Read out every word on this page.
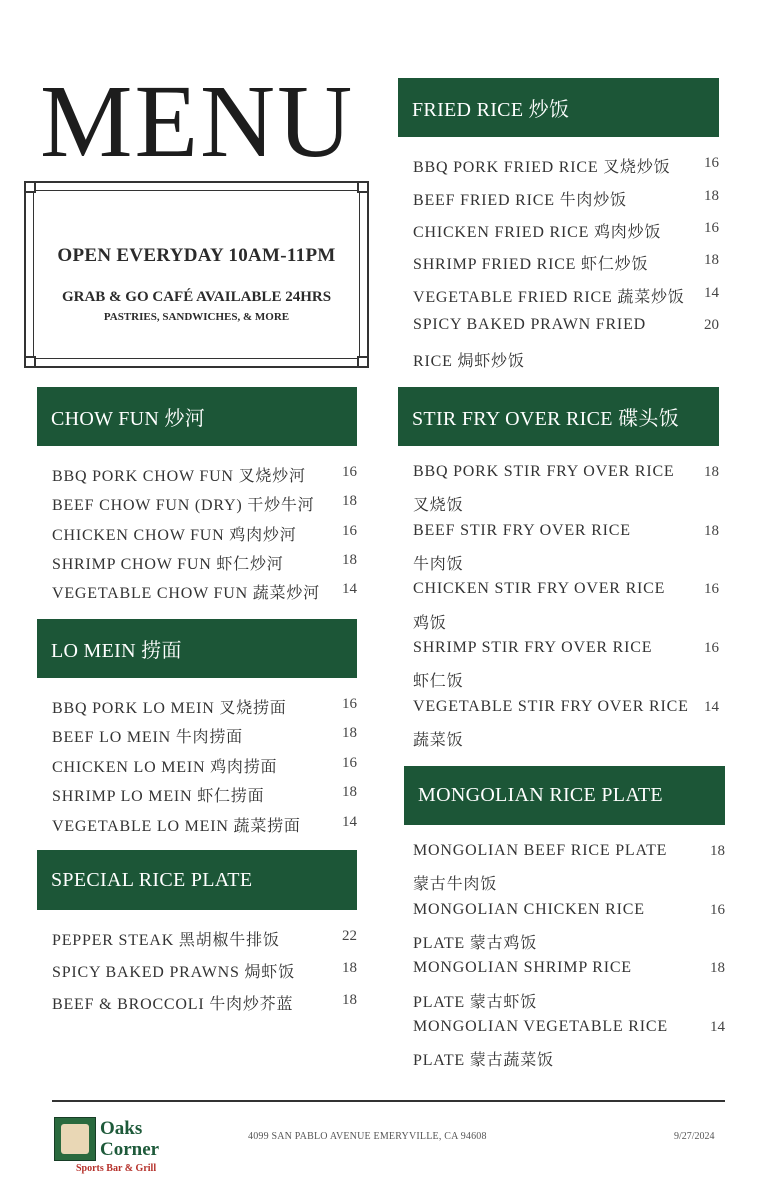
MENU
OPEN EVERYDAY 10AM-11PM
GRAB & GO CAFÉ AVAILABLE 24HRS
PASTRIES, SANDWICHES, & MORE
CHOW FUN 炒河
BBQ PORK CHOW FUN 叉烧炒河	16
BEEF CHOW FUN (DRY) 干炒牛河	18
CHICKEN CHOW FUN 鸡肉炒河	16
SHRIMP CHOW FUN 虾仁炒河	18
VEGETABLE CHOW FUN 蔬菜炒河	14
LO MEIN 捞面
BBQ PORK LO MEIN 叉烧捞面	16
BEEF LO MEIN 牛肉捞面	18
CHICKEN LO MEIN 鸡肉捞面	16
SHRIMP LO MEIN 虾仁捞面	18
VEGETABLE LO MEIN 蔬菜捞面	14
SPECIAL RICE PLATE
PEPPER STEAK 黑胡椒牛排饭	22
SPICY BAKED PRAWNS 焗虾饭	18
BEEF & BROCCOLI 牛肉炒芥蓝	18
FRIED RICE 炒饭
BBQ PORK FRIED RICE 叉烧炒饭	16
BEEF FRIED RICE 牛肉炒饭	18
CHICKEN FRIED RICE 鸡肉炒饭	16
SHRIMP FRIED RICE 虾仁炒饭	18
VEGETABLE FRIED RICE 蔬菜炒饭	14
SPICY BAKED PRAWN FRIED	20
RICE 焗虾炒饭
STIR FRY OVER RICE 碟头饭
BBQ PORK STIR FRY OVER RICE	18
叉烧饭
BEEF STIR FRY OVER RICE	18
牛肉饭
CHICKEN STIR FRY OVER RICE	16
鸡饭
SHRIMP STIR FRY OVER RICE	16
虾仁饭
VEGETABLE STIR FRY OVER RICE	14
蔬菜饭
MONGOLIAN RICE PLATE
MONGOLIAN BEEF RICE PLATE	18
蒙古牛肉饭
MONGOLIAN CHICKEN RICE	16
PLATE 蒙古鸡饭
MONGOLIAN SHRIMP RICE	18
PLATE 蒙古虾饭
MONGOLIAN VEGETABLE RICE	14
PLATE 蒙古蔬菜饭
Oaks
Corner
Sports Bar & Grill
4099 SAN PABLO AVENUE EMERYVILLE, CA 94608	9/27/2024
